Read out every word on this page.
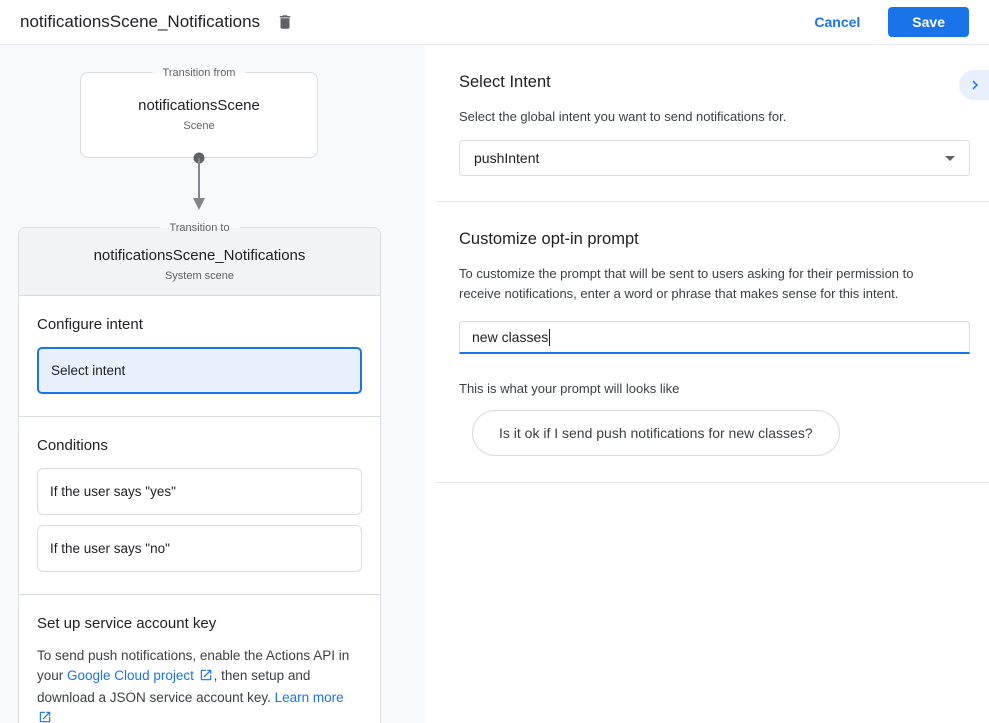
notificationsScene_Notifications	Cancel	Save
Transition from
notificationsScene
Scene
Transition to
notificationsScene_Notifications
System scene
Configure intent
Select intent
Conditions
If the user says "yes"
If the user says "no"
Set up service account key

To send push notifications, enable the Actions API in your Google Cloud project , then setup and download a JSON service account key. Learn more

Select Intent

Select the global intent you want to send notifications for.

pushIntent
Customize opt-in prompt

To customize the prompt that will be sent to users asking for their permission to receive notifications, enter a word or phrase that makes sense for this intent.

new classes

This is what your prompt will looks like

Is it ok if I send push notifications for new classes?
